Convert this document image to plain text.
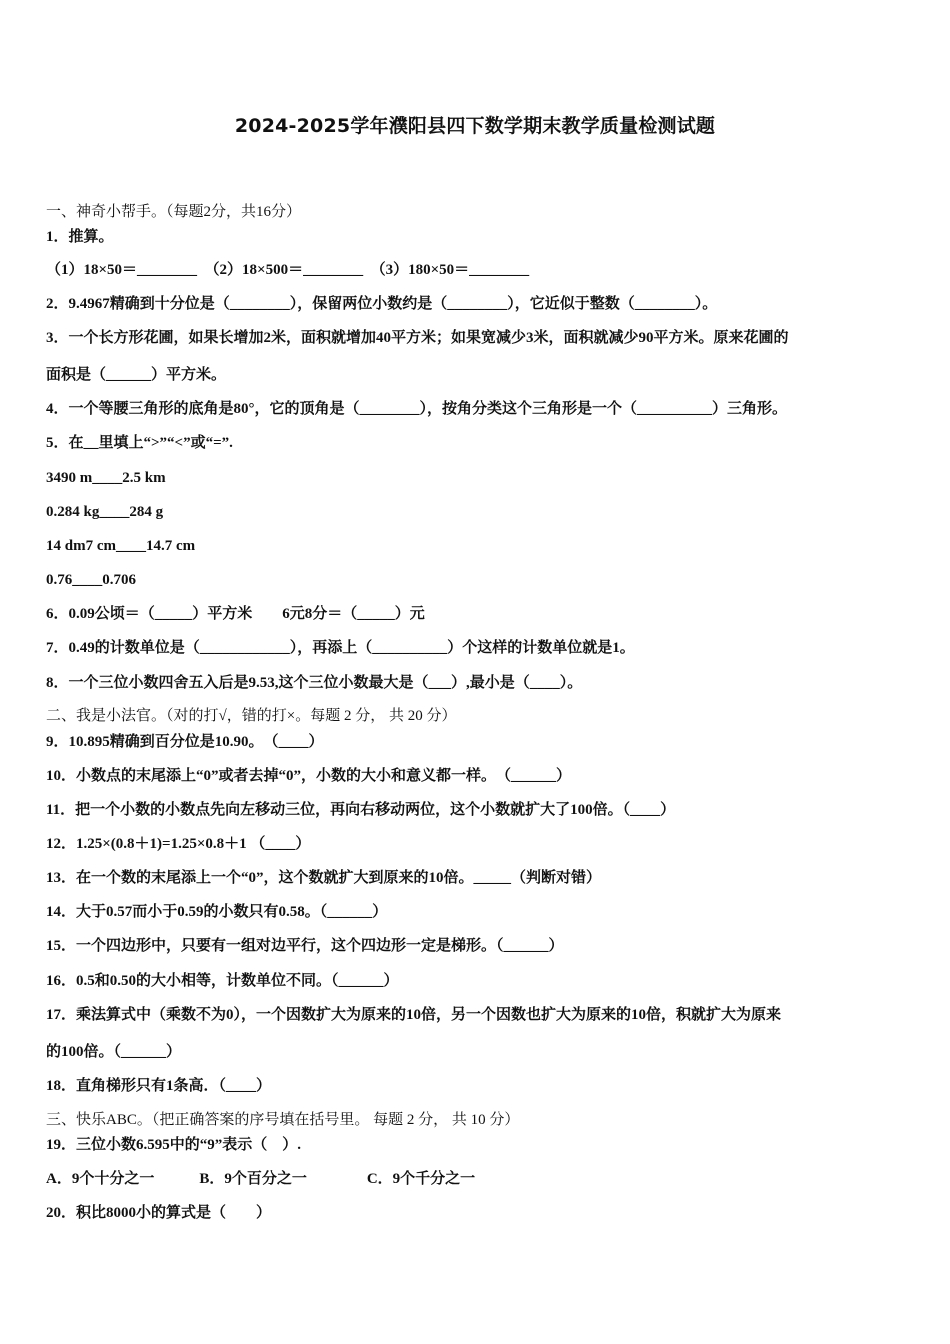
2024-2025学年濮阳县四下数学期末教学质量检测试题
一、神奇小帮手。（每题2分，共16分）
1．推算。
（1）18×50＝________　（2）18×500＝________　（3）180×50＝________
2．9.4967精确到十分位是（________），保留两位小数约是（________），它近似于整数（________）。
3．一个长方形花圃，如果长增加2米，面积就增加40平方米；如果宽减少3米，面积就减少90平方米。原来花圃的
面积是（______）平方米。
4．一个等腰三角形的底角是80°，它的顶角是（________），按角分类这个三角形是一个（__________）三角形。
5．在__里填上“>”“<”或“=”.
3490 m____2.5 km
0.284 kg____284 g
14 dm7 cm____14.7 cm
0.76____0.706
6．0.09公顷＝（_____）平方米　　6元8分＝（_____）元
7．0.49的计数单位是（____________），再添上（__________）个这样的计数单位就是1。
8．一个三位小数四舍五入后是9.53,这个三位小数最大是（___）,最小是（____）。
二、我是小法官。（对的打√，错的打×。每题 2 分， 共 20 分）
9．10.895精确到百分位是10.90。　（____）
10．小数点的末尾添上“0”或者去掉“0”，小数的大小和意义都一样。　（______）
11．把一个小数的小数点先向左移动三位，再向右移动两位，这个小数就扩大了100倍。（____）
12．1.25×(0.8＋1)=1.25×0.8＋1 （____）
13．在一个数的末尾添上一个“0”，这个数就扩大到原来的10倍。_____（判断对错）
14．大于0.57而小于0.59的小数只有0.58。（______）
15．一个四边形中，只要有一组对边平行，这个四边形一定是梯形。（______）
16．0.5和0.50的大小相等，计数单位不同。（______）
17．乘法算式中（乘数不为0），一个因数扩大为原来的10倍，另一个因数也扩大为原来的10倍，积就扩大为原来
的100倍。（______）
18．直角梯形只有1条高．（____）
三、快乐ABC。（把正确答案的序号填在括号里。 每题 2 分， 共 10 分）
19．三位小数6.595中的“9”表示（　）.
A．9个十分之一　　　B．9个百分之一　　　　C．9个千分之一
20．积比8000小的算式是（　　）
